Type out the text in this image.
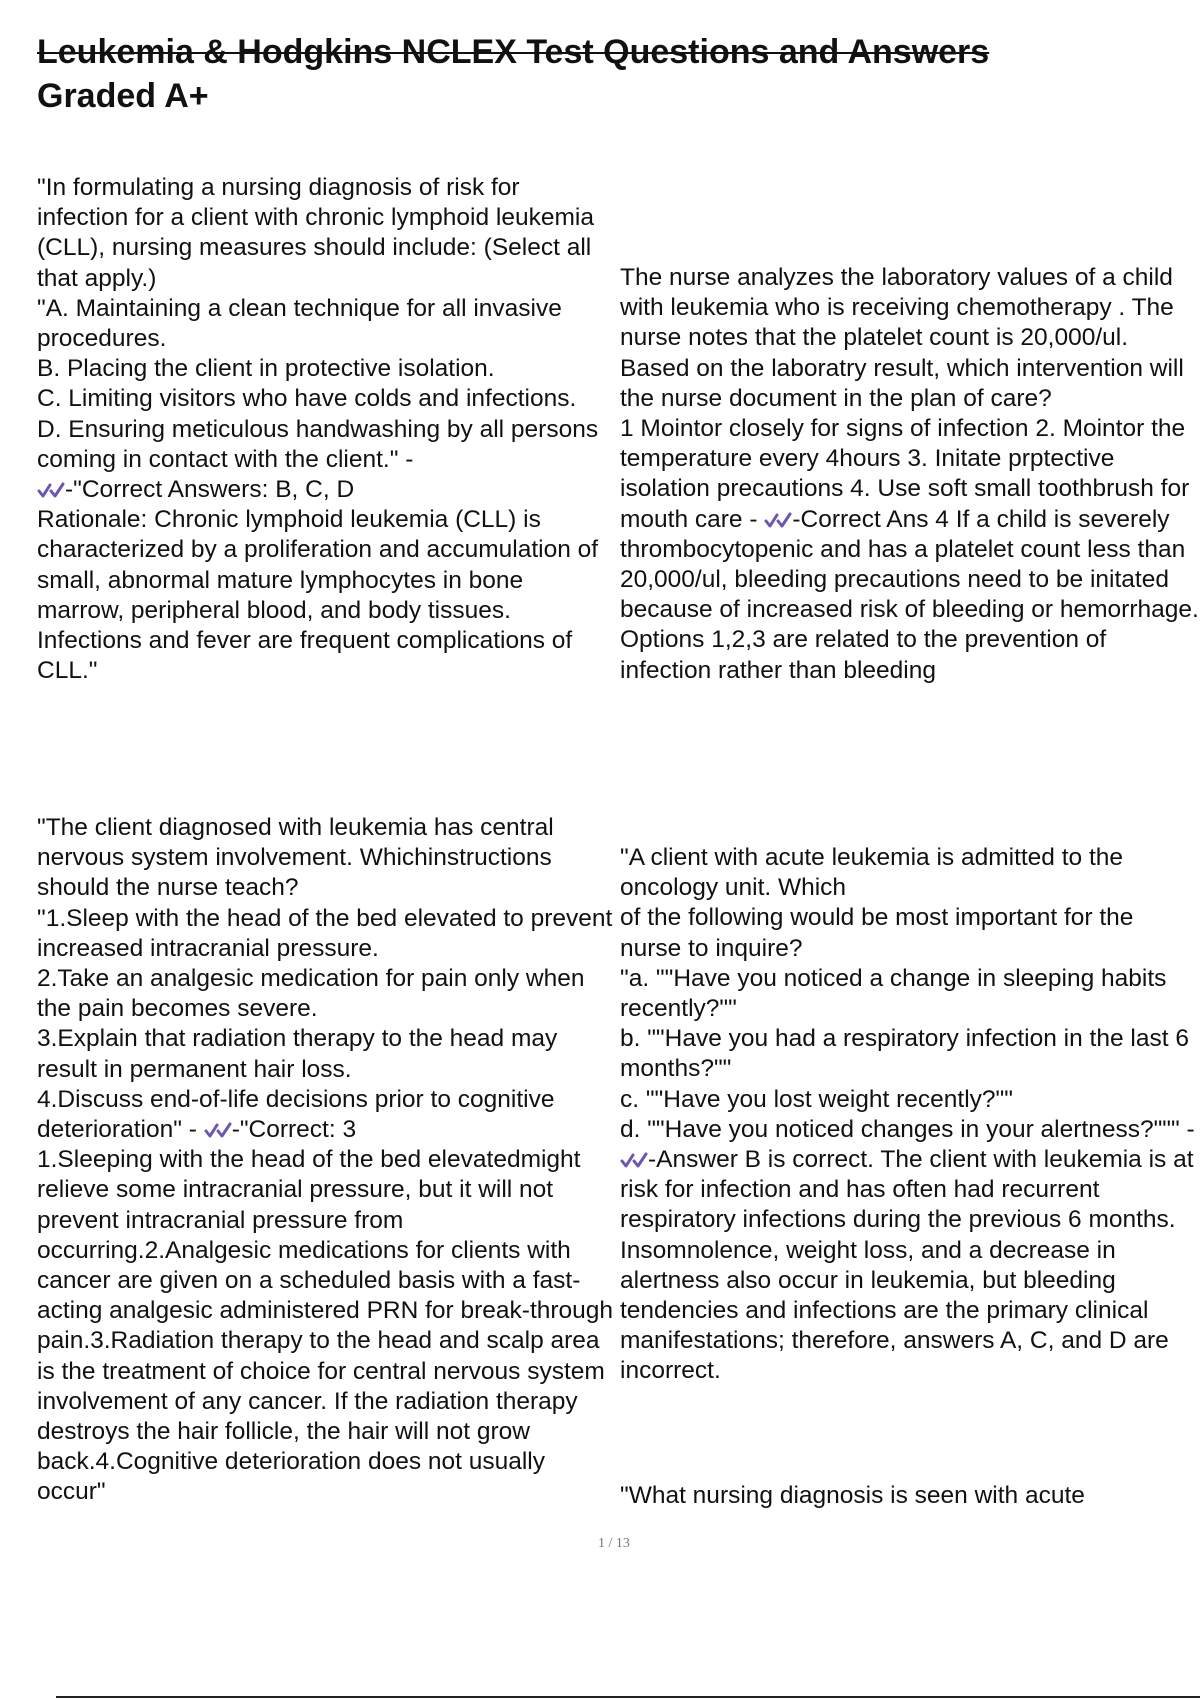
Leukemia & Hodgkins NCLEX Test Questions and Answers
Graded A+
"In formulating a nursing diagnosis of risk for infection for a client with chronic lymphoid leukemia (CLL), nursing measures should include: (Select all that apply.)
"A. Maintaining a clean technique for all invasive procedures.
B. Placing the client in protective isolation.
C. Limiting visitors who have colds and infections.
D. Ensuring meticulous handwashing by all persons coming in contact with the client." -

-"Correct Answers: B, C, D
Rationale: Chronic lymphoid leukemia (CLL) is characterized by a proliferation and accumulation of small, abnormal mature lymphocytes in bone marrow, peripheral blood, and body tissues. Infections and fever are frequent complications of CLL."
The nurse analyzes the laboratory values of a child with leukemia who is receiving chemotherapy . The nurse notes that the platelet count is 20,000/ul. Based on the laboratry result, which intervention will the nurse document in the plan of care?
1 Mointor closely for signs of infection 2. Mointor the temperature every 4hours 3. Initate prptective isolation precautions 4. Use soft small toothbrush for mouth care - -Correct Ans 4 If a child is severely thrombocytopenic and has a platelet count less than 20,000/ul, bleeding precautions need to be initated because of increased risk of bleeding or hemorrhage. Options 1,2,3 are related to the prevention of infection rather than bleeding
"The client diagnosed with leukemia has central nervous system involvement. Whichinstructions should the nurse teach?
"1.Sleep with the head of the bed elevated to prevent increased intracranial pressure.
2.Take an analgesic medication for pain only when the pain becomes severe.
3.Explain that radiation therapy to the head may result in permanent hair loss.
4.Discuss end-of-life decisions prior to cognitive deterioration" - -"Correct: 3
1.Sleeping with the head of the bed elevatedmight relieve some intracranial pressure, but it will not prevent intracranial pressure from occurring.2.Analgesic medications for clients with cancer are given on a scheduled basis with a fast-acting analgesic administered PRN for break-through pain.3.Radiation therapy to the head and scalp area is the treatment of choice for central nervous system involvement of any cancer. If the radiation therapy destroys the hair follicle, the hair will not grow back.4.Cognitive deterioration does not usually occur"
"A client with acute leukemia is admitted to the oncology unit. Which
of the following would be most important for the nurse to inquire?
"a. ""Have you noticed a change in sleeping habits recently?""
b. ""Have you had a respiratory infection in the last 6 months?""
c. ""Have you lost weight recently?""
d. ""Have you noticed changes in your alertness?""" -
-Answer B is correct. The client with leukemia is at risk for infection and has often had recurrent respiratory infections during the previous 6 months. Insomnolence, weight loss, and a decrease in alertness also occur in leukemia, but bleeding tendencies and infections are the primary clinical manifestations; therefore, answers A, C, and D are incorrect.
"What nursing diagnosis is seen with acute
1 / 13
